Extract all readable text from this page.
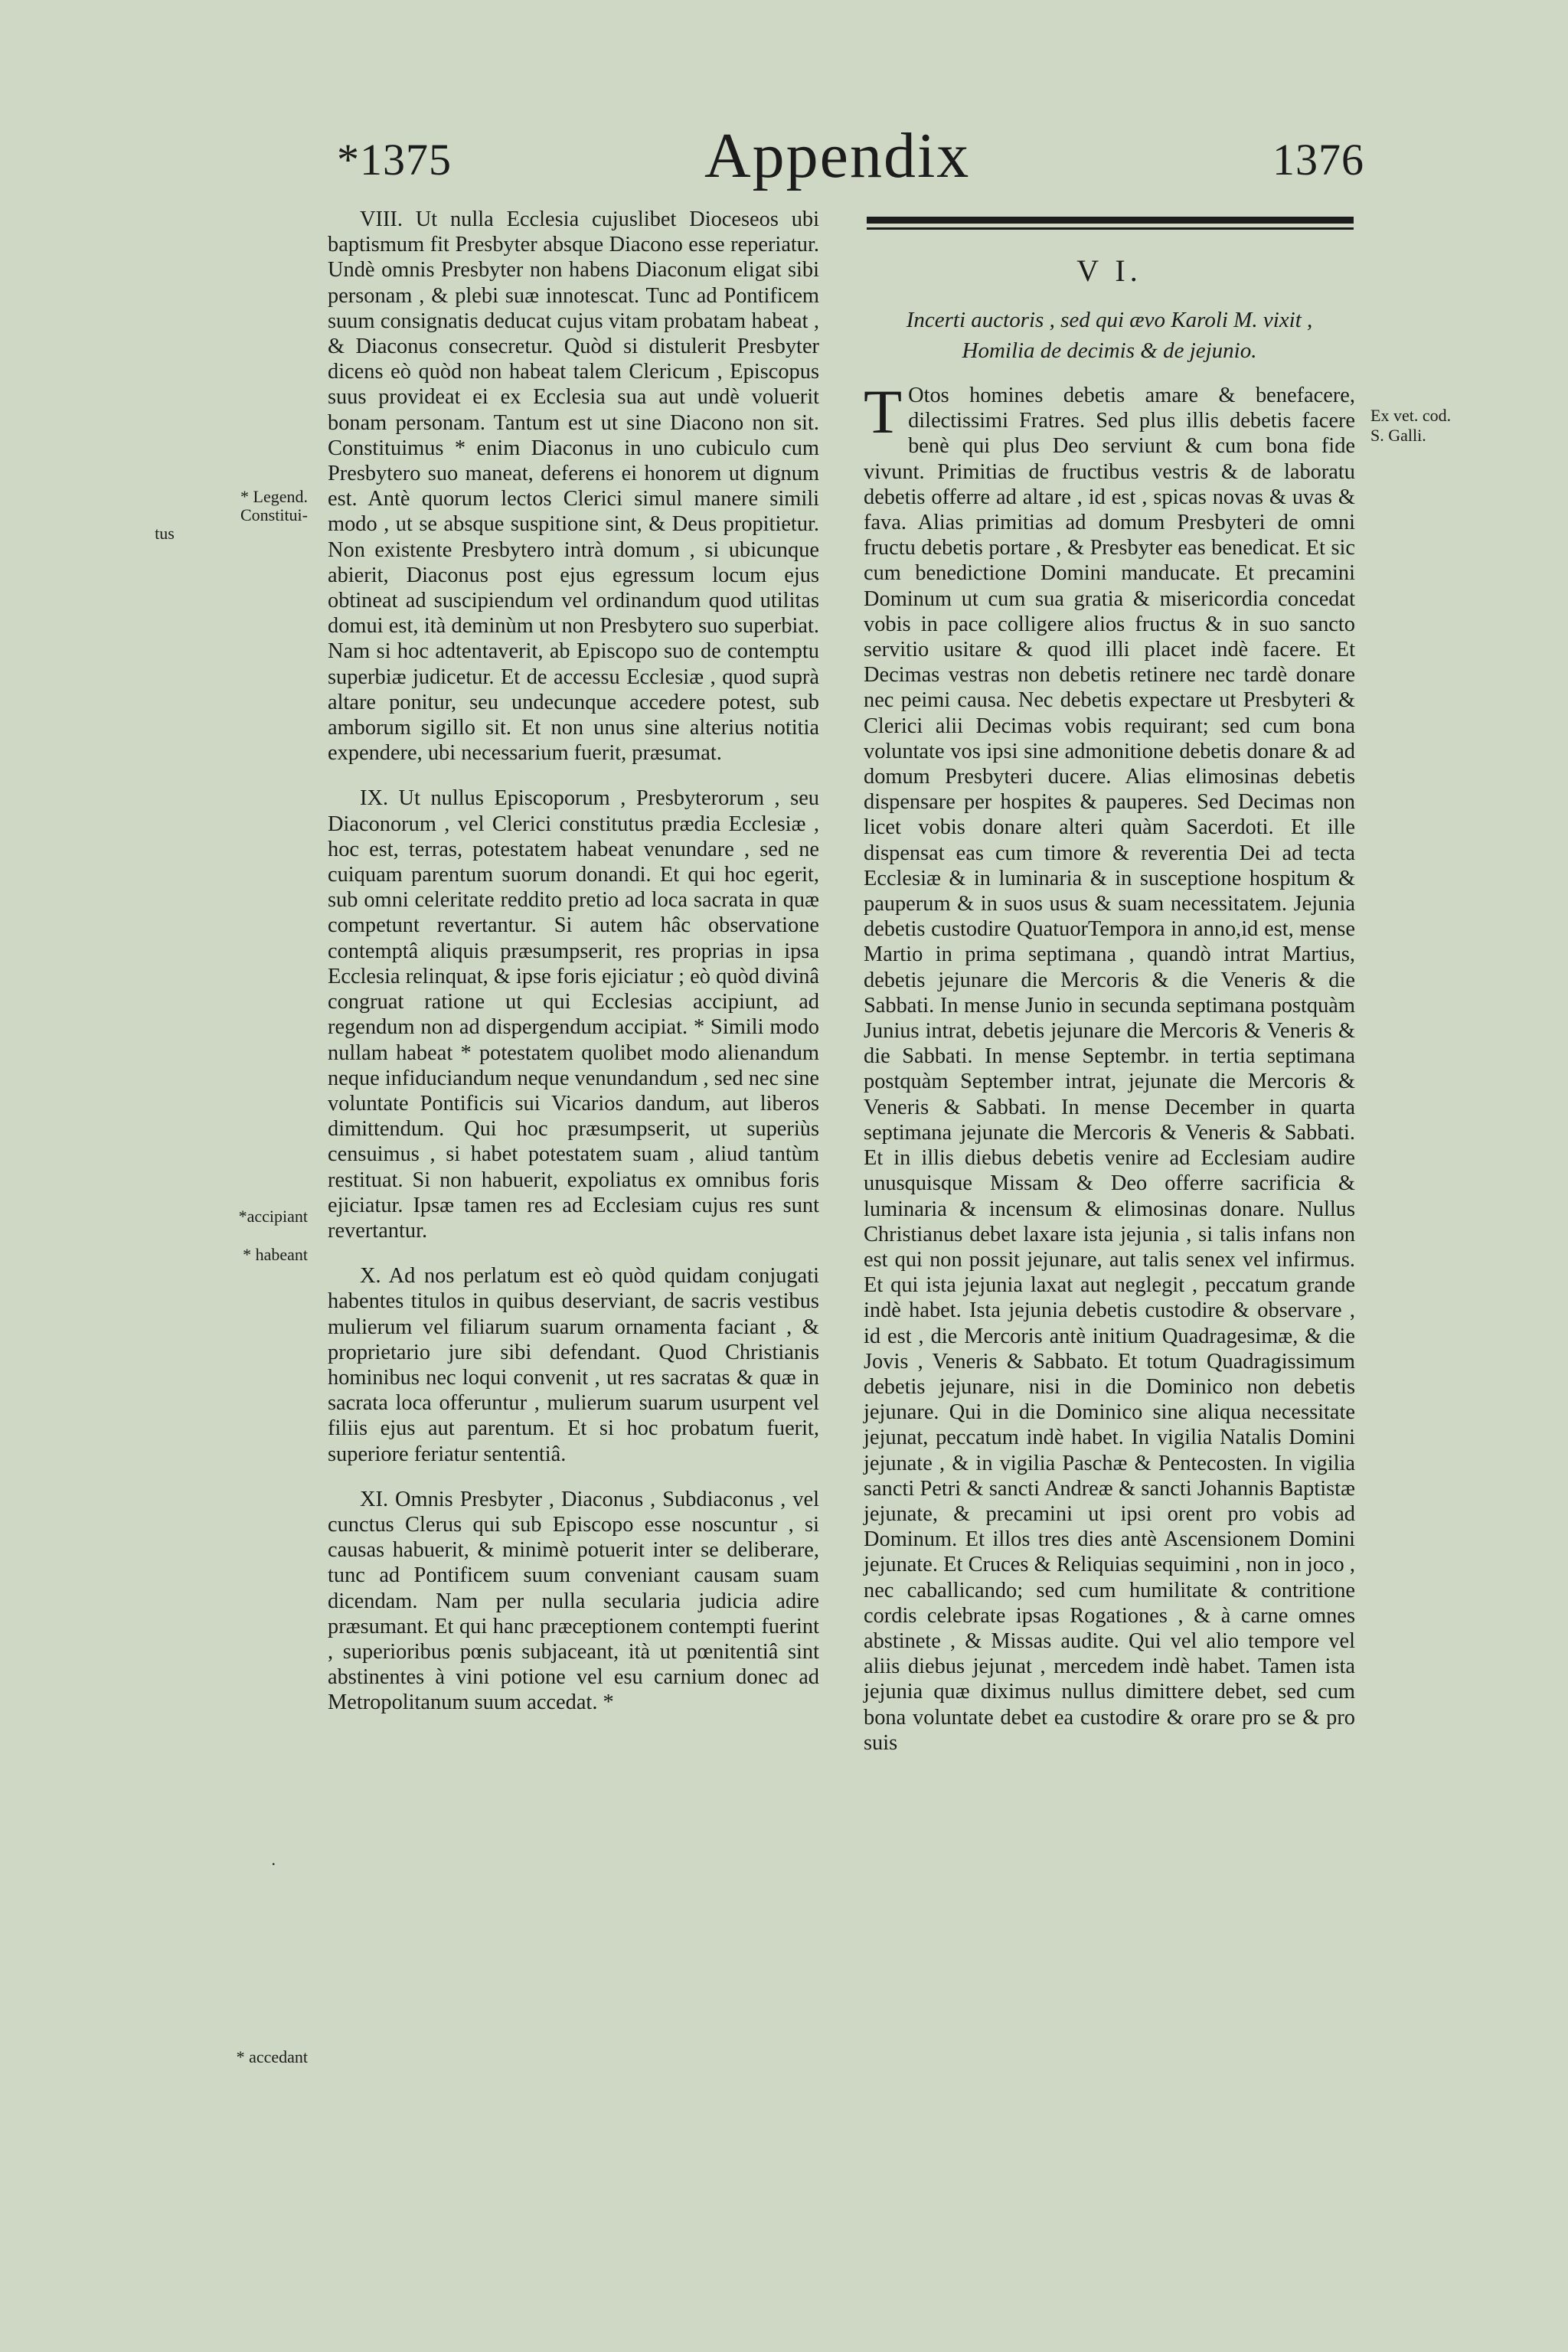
*1375	Appendix	1376

VIII. Ut nulla Ecclesia cujuslibet Dioceseos ubi baptismum fit Presbyter absque Diacono esse reperiatur. Undè omnis Presbyter non habens Diaconum eligat sibi personam , & plebi suæ innotescat. Tunc ad Pontificem suum consignatis deducat cujus vitam probatam habeat , & Diaconus consecretur. Quòd si distulerit Presbyter dicens eò quòd non habeat talem Clericum , Episcopus suus provideat ei ex Ecclesia sua aut undè voluerit bonam personam. Tantum est ut sine Diacono non sit. Constituimus * enim Diaconus in uno cubiculo cum Presbytero suo maneat, deferens ei honorem ut dignum est. Antè quorum lectos Clerici simul manere simili modo , ut se absque suspitione sint, & Deus propitietur. Non existente Presbytero intrà domum , si ubicunque abierit, Diaconus post ejus egressum locum ejus obtineat ad suscipiendum vel ordinandum quod utilitas domui est, ità deminùm ut non Presbytero suo superbiat. Nam si hoc adtentaverit, ab Episcopo suo de contemptu superbiæ judicetur. Et de accessu Ecclesiæ , quod suprà altare ponitur, seu undecunque accedere potest, sub amborum sigillo sit. Et non unus sine alterius notitia expendere, ubi necessarium fuerit, præsumat.

IX. Ut nullus Episcoporum , Presbyterorum , seu Diaconorum , vel Clerici constitutus prædia Ecclesiæ , hoc est, terras, potestatem habeat venundare , sed ne cuiquam parentum suorum donandi. Et qui hoc egerit, sub omni celeritate reddito pretio ad loca sacrata in quæ competunt revertantur. Si autem hâc observatione contemptâ aliquis præsumpserit, res proprias in ipsa Ecclesia relinquat, & ipse foris ejiciatur ; eò quòd divinâ congruat ratione ut qui Ecclesias accipiunt, ad regendum non ad dispergendum accipiat. * Simili modo nullam habeat * potestatem quolibet modo alienandum neque infiduciandum neque venundandum , sed nec sine voluntate Pontificis sui Vicarios dandum, aut liberos dimittendum. Qui hoc præsumpserit, ut superiùs censuimus , si habet potestatem suam , aliud tantùm restituat. Si non habuerit, expoliatus ex omnibus foris ejiciatur. Ipsæ tamen res ad Ecclesiam cujus res sunt revertantur.

X. Ad nos perlatum est eò quòd quidam conjugati habentes titulos in quibus deserviant, de sacris vestibus mulierum vel filiarum suarum ornamenta faciant , & proprietario jure sibi defendant. Quod Christianis hominibus nec loqui convenit , ut res sacratas & quæ in sacrata loca offeruntur , mulierum suarum usurpent vel filiis ejus aut parentum. Et si hoc probatum fuerit, superiore feriatur sententiâ.

XI. Omnis Presbyter , Diaconus , Subdiaconus , vel cunctus Clerus qui sub Episcopo esse noscuntur , si causas habuerit, & minimè potuerit inter se deliberare, tunc ad Pontificem suum conveniant causam suam dicendam. Nam per nulla secularia judicia adire præsumant. Et qui hanc præceptionem contempti fuerint , superioribus pœnis subjaceant, ità ut pœnitentiâ sint abstinentes à vini potione vel esu carnium donec ad Metropolitanum suum accedat. *

* Legend.
Constitui-
tus
*accipiant
* habeant
.
* accedant
V I.
Incerti auctoris , sed qui ævo Karoli M. vixit ,
Homilia de decimis & de jejunio.

T Otos homines debetis amare & benefacere, dilectissimi Fratres. Sed plus illis debetis facere benè qui plus Deo serviunt & cum bona fide vivunt. Primitias de fructibus vestris & de laboratu debetis offerre ad altare , id est , spicas novas & uvas & fava. Alias primitias ad domum Presbyteri de omni fructu debetis portare , & Presbyter eas benedicat. Et sic cum benedictione Domini manducate. Et precamini Dominum ut cum sua gratia & misericordia concedat vobis in pace colligere alios fructus & in suo sancto servitio usitare & quod illi placet indè facere. Et Decimas vestras non debetis retinere nec tardè donare nec peimi causa. Nec debetis expectare ut Presbyteri & Clerici alii Decimas vobis requirant; sed cum bona voluntate vos ipsi sine admonitione debetis donare & ad domum Presbyteri ducere. Alias elimosinas debetis dispensare per hospites & pauperes. Sed Decimas non licet vobis donare alteri quàm Sacerdoti. Et ille dispensat eas cum timore & reverentia Dei ad tecta Ecclesiæ & in luminaria & in susceptione hospitum & pauperum & in suos usus & suam necessitatem. Jejunia debetis custodire QuatuorTempora in anno,id est, mense Martio in prima septimana , quandò intrat Martius, debetis jejunare die Mercoris & die Veneris & die Sabbati. In mense Junio in secunda septimana postquàm Junius intrat, debetis jejunare die Mercoris & Veneris & die Sabbati. In mense Septembr. in tertia septimana postquàm September intrat, jejunate die Mercoris & Veneris & Sabbati. In mense December in quarta septimana jejunate die Mercoris & Veneris & Sabbati. Et in illis diebus debetis venire ad Ecclesiam audire unusquisque Missam & Deo offerre sacrificia & luminaria & incensum & elimosinas donare. Nullus Christianus debet laxare ista jejunia , si talis infans non est qui non possit jejunare, aut talis senex vel infirmus. Et qui ista jejunia laxat aut neglegit , peccatum grande indè habet. Ista jejunia debetis custodire & observare , id est , die Mercoris antè initium Quadragesimæ, & die Jovis , Veneris & Sabbato. Et totum Quadragissimum debetis jejunare, nisi in die Dominico non debetis jejunare. Qui in die Dominico sine aliqua necessitate jejunat, peccatum indè habet. In vigilia Natalis Domini jejunate , & in vigilia Paschæ & Pentecosten. In vigilia sancti Petri & sancti Andreæ & sancti Johannis Baptistæ jejunate, & precamini ut ipsi orent pro vobis ad Dominum. Et illos tres dies antè Ascensionem Domini jejunate. Et Cruces & Reliquias sequimini , non in joco , nec caballicando; sed cum humilitate & contritione cordis celebrate ipsas Rogationes , & à carne omnes abstinete , & Missas audite. Qui vel alio tempore vel aliis diebus jejunat , mercedem indè habet. Tamen ista jejunia quæ diximus nullus dimittere debet, sed cum bona voluntate debet ea custodire & orare pro se & pro suis

Ex vet. cod.
S. Galli.
